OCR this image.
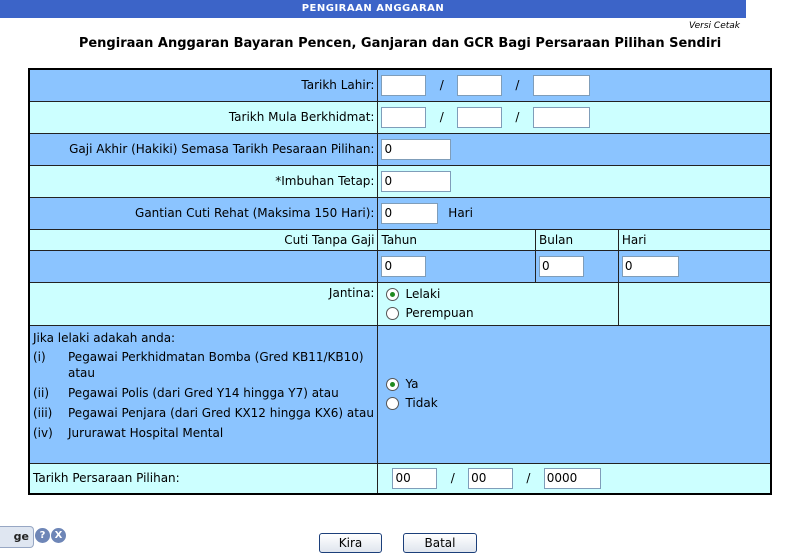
PENGIRAAN ANGGARAN
Versi Cetak
Pengiraan Anggaran Bayaran Pencen, Ganjaran dan GCR Bagi Persaraan Pilihan Sendiri
Tarikh Lahir:	/	/
Tarikh Mula Berkhidmat:	/	/
Gaji Akhir (Hakiki) Semasa Tarikh Pesaraan Pilihan:	0
*Imbuhan Tetap:	0
Gantian Cuti Rehat (Maksima 150 Hari):	0Hari
Cuti Tanpa Gaji	Tahun	Bulan	Hari
	0	0	0
Jantina:	Lelaki
Perempuan

Jika lelaki adakah anda:
(i)	Pegawai Perkhidmatan Bomba (Gred KB11/KB10) atau
(ii)	Pegawai Polis (dari Gred Y14 hingga Y7) atau
(iii)	Pegawai Penjara (dari Gred KX12 hingga KX6) atau
(iv)	Jururawat Hospital Mental

Ya
Tidak

Tarikh Persaraan Pilihan:	00/ 00	/ 0000
ge	? X
Kira	Batal
